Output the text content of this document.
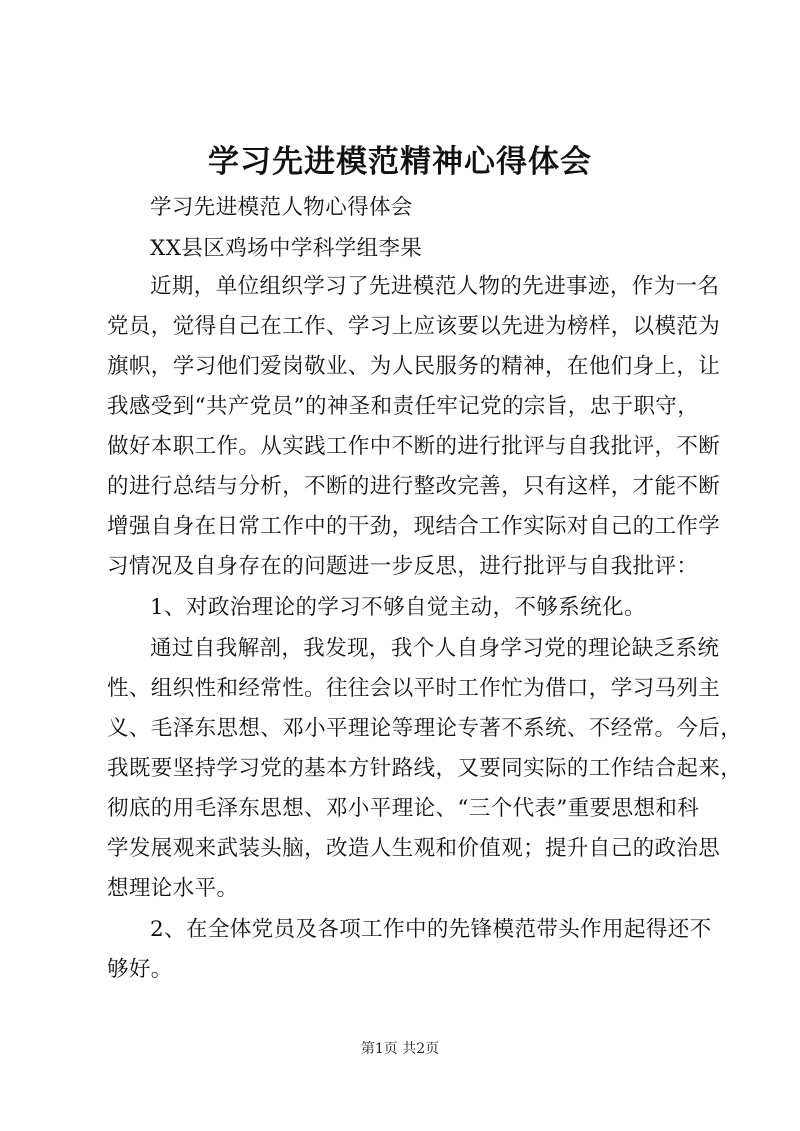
学习先进模范精神心得体会
学习先进模范人物心得体会
XX县区鸡场中学科学组李果
近期，单位组织学习了先进模范人物的先进事迹，作为一名
党员，觉得自己在工作、学习上应该要以先进为榜样，以模范为
旗帜，学习他们爱岗敬业、为人民服务的精神，在他们身上，让
我感受到“共产党员”的神圣和责任牢记党的宗旨，忠于职守，
做好本职工作。从实践工作中不断的进行批评与自我批评，不断
的进行总结与分析，不断的进行整改完善，只有这样，才能不断
增强自身在日常工作中的干劲，现结合工作实际对自己的工作学
习情况及自身存在的问题进一步反思，进行批评与自我批评：
1、对政治理论的学习不够自觉主动，不够系统化。
通过自我解剖，我发现，我个人自身学习党的理论缺乏系统
性、组织性和经常性。往往会以平时工作忙为借口，学习马列主
义、毛泽东思想、邓小平理论等理论专著不系统、不经常。今后，
我既要坚持学习党的基本方针路线，又要同实际的工作结合起来，
彻底的用毛泽东思想、邓小平理论、“三个代表”重要思想和科
学发展观来武装头脑，改造人生观和价值观；提升自己的政治思
想理论水平。
2、在全体党员及各项工作中的先锋模范带头作用起得还不
够好。
第1页 共2页
